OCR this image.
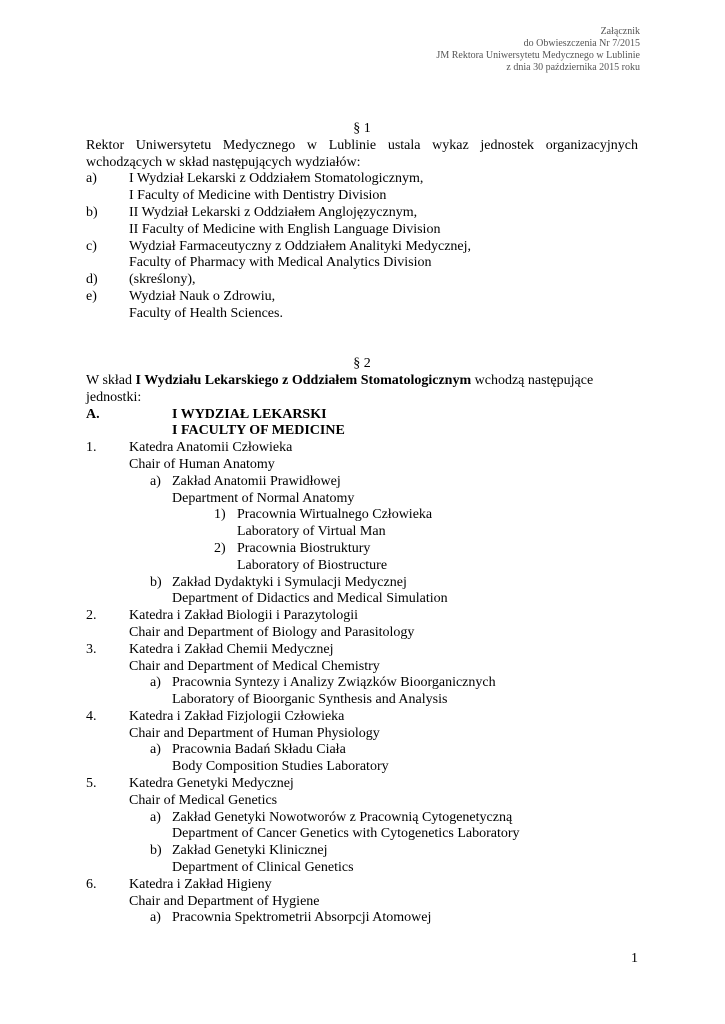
Załącznik
do Obwieszczenia Nr 7/2015
JM Rektora Uniwersytetu Medycznego w Lublinie
z dnia 30 października 2015 roku
§ 1
Rektor Uniwersytetu Medycznego w Lublinie ustala wykaz jednostek organizacyjnych
wchodzących w skład następujących wydziałów:
a) I Wydział Lekarski z Oddziałem Stomatologicznym,
I Faculty of Medicine with Dentistry Division
b) II Wydział Lekarski z Oddziałem Anglojęzycznym,
II Faculty of Medicine with English Language Division
c) Wydział Farmaceutyczny z Oddziałem Analityki Medycznej,
Faculty of Pharmacy with Medical Analytics Division
d) (skreślony),
e) Wydział Nauk o Zdrowiu,
Faculty of Health Sciences.
§ 2
W skład I Wydziału Lekarskiego z Oddziałem Stomatologicznym wchodzą następujące
jednostki:
A.	I WYDZIAŁ LEKARSKI
I FACULTY OF MEDICINE
1. Katedra Anatomii Człowieka
Chair of Human Anatomy
a) Zakład Anatomii Prawidłowej
Department of Normal Anatomy
1) Pracownia Wirtualnego Człowieka
Laboratory of Virtual Man
2) Pracownia Biostruktury
Laboratory of Biostructure
b) Zakład Dydaktyki i Symulacji Medycznej
Department of Didactics and Medical Simulation
2. Katedra i Zakład Biologii i Parazytologii
Chair and Department of Biology and Parasitology
3. Katedra i Zakład Chemii Medycznej
Chair and Department of Medical Chemistry
a) Pracownia Syntezy i Analizy Związków Bioorganicznych
Laboratory of Bioorganic Synthesis and Analysis
4. Katedra i Zakład Fizjologii Człowieka
Chair and Department of Human Physiology
a) Pracownia Badań Składu Ciała
Body Composition Studies Laboratory
5. Katedra Genetyki Medycznej
Chair of Medical Genetics
a) Zakład Genetyki Nowotworów z Pracownią Cytogenetyczną
Department of Cancer Genetics with Cytogenetics Laboratory
b) Zakład Genetyki Klinicznej
Department of Clinical Genetics
6. Katedra i Zakład Higieny
Chair and Department of Hygiene
a) Pracownia Spektrometrii Absorpcji Atomowej
1
